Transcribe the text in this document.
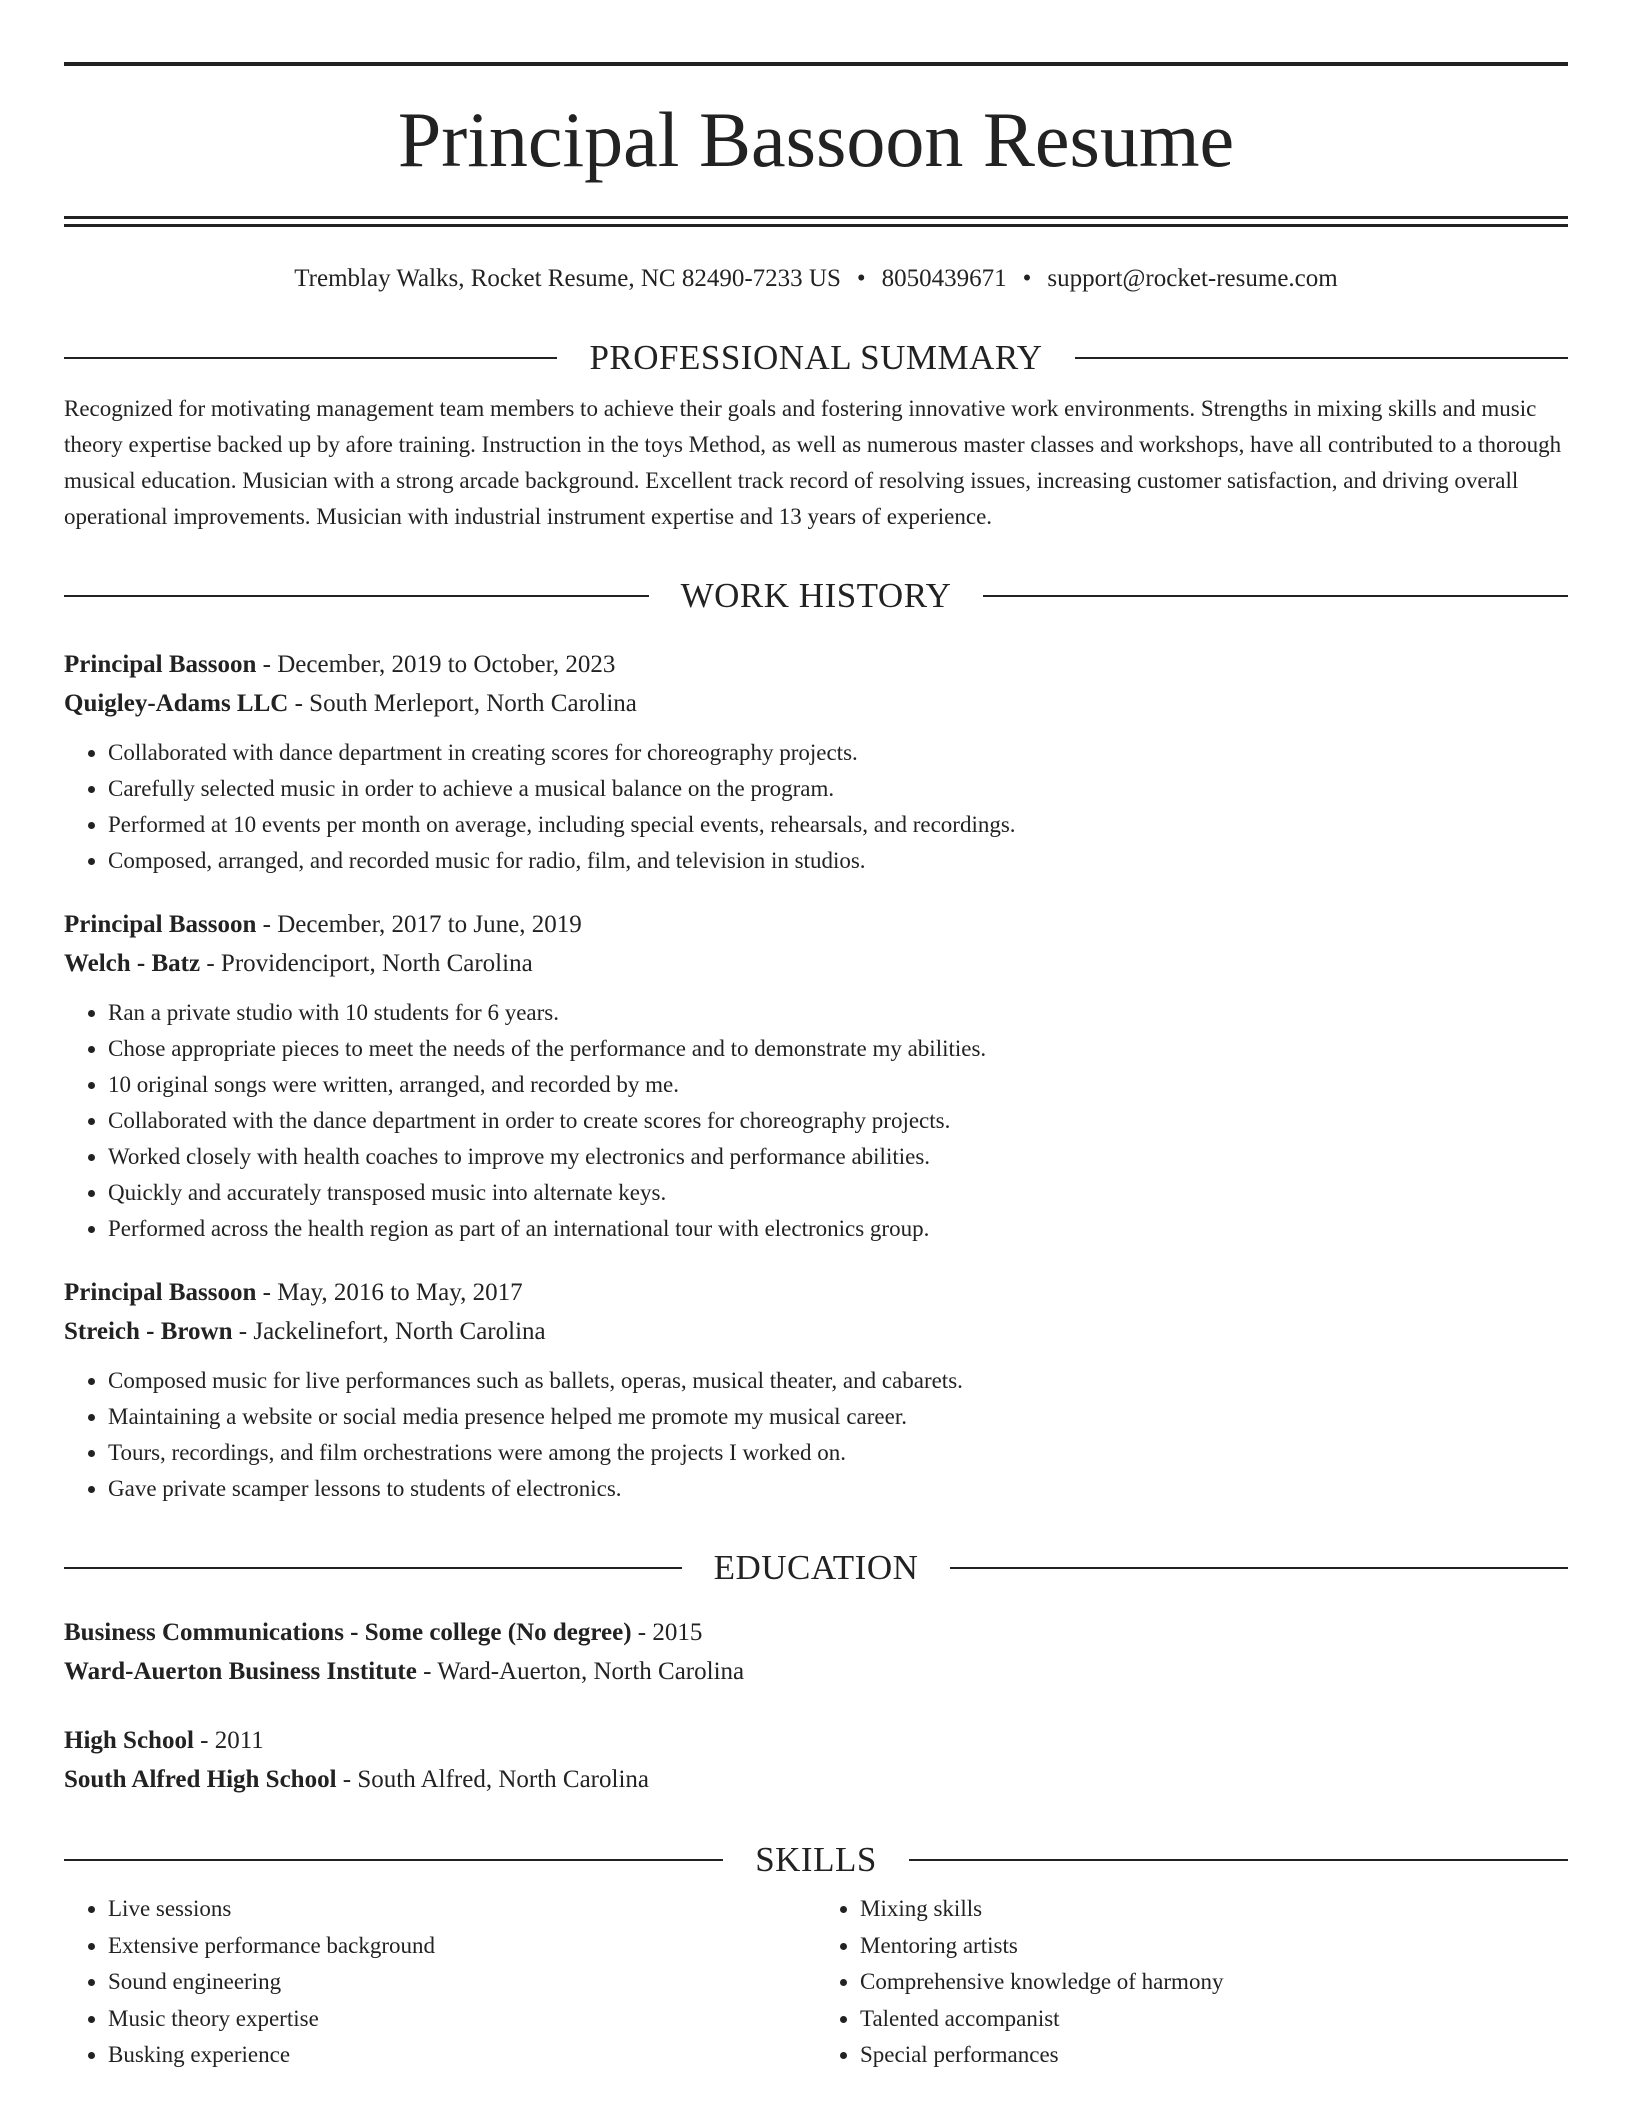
Principal Bassoon Resume
Tremblay Walks, Rocket Resume, NC 82490-7233 US • 8050439671 • support@rocket-resume.com
PROFESSIONAL SUMMARY
Recognized for motivating management team members to achieve their goals and fostering innovative work environments. Strengths in mixing skills and music theory expertise backed up by afore training. Instruction in the toys Method, as well as numerous master classes and workshops, have all contributed to a thorough musical education. Musician with a strong arcade background. Excellent track record of resolving issues, increasing customer satisfaction, and driving overall operational improvements. Musician with industrial instrument expertise and 13 years of experience.
WORK HISTORY
Principal Bassoon - December, 2019 to October, 2023
Quigley-Adams LLC - South Merleport, North Carolina
• Collaborated with dance department in creating scores for choreography projects.
• Carefully selected music in order to achieve a musical balance on the program.
• Performed at 10 events per month on average, including special events, rehearsals, and recordings.
• Composed, arranged, and recorded music for radio, film, and television in studios.
Principal Bassoon - December, 2017 to June, 2019
Welch - Batz - Providenciport, North Carolina
• Ran a private studio with 10 students for 6 years.
• Chose appropriate pieces to meet the needs of the performance and to demonstrate my abilities.
• 10 original songs were written, arranged, and recorded by me.
• Collaborated with the dance department in order to create scores for choreography projects.
• Worked closely with health coaches to improve my electronics and performance abilities.
• Quickly and accurately transposed music into alternate keys.
• Performed across the health region as part of an international tour with electronics group.
Principal Bassoon - May, 2016 to May, 2017
Streich - Brown - Jackelinefort, North Carolina
• Composed music for live performances such as ballets, operas, musical theater, and cabarets.
• Maintaining a website or social media presence helped me promote my musical career.
• Tours, recordings, and film orchestrations were among the projects I worked on.
• Gave private scamper lessons to students of electronics.
EDUCATION
Business Communications - Some college (No degree) - 2015
Ward-Auerton Business Institute - Ward-Auerton, North Carolina
High School - 2011
South Alfred High School - South Alfred, North Carolina
SKILLS
• Live sessions
• Extensive performance background
• Sound engineering
• Music theory expertise
• Busking experience
• Mixing skills
• Mentoring artists
• Comprehensive knowledge of harmony
• Talented accompanist
• Special performances
